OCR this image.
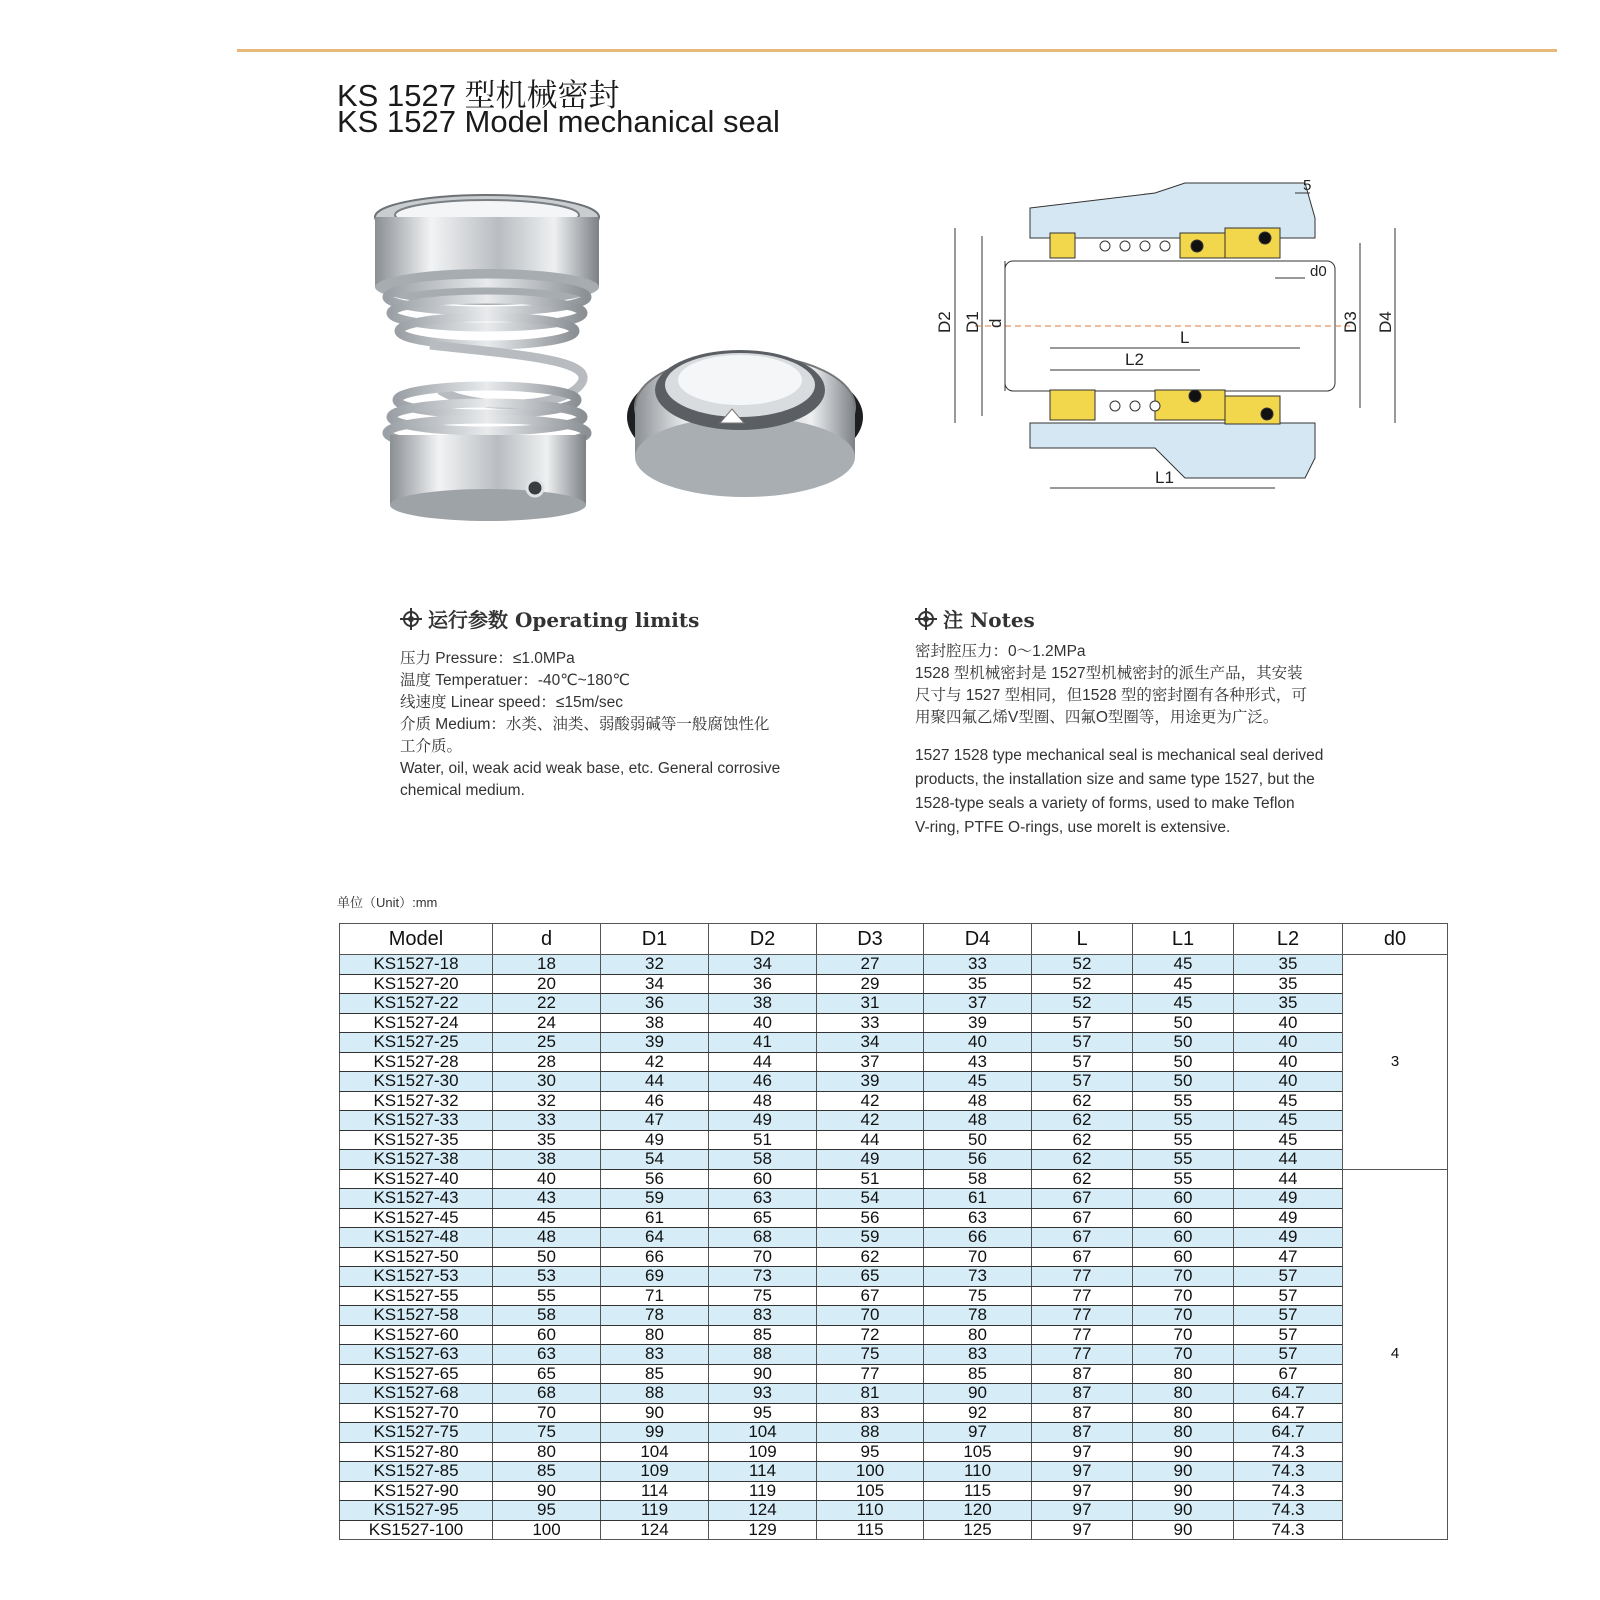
KS 1527 型机械密封
KS 1527 Model mechanical seal
D2 D1 d	D3 D4
L
L2
L1
d0
5
运行参数 Operating limits

压力 Pressure：≤1.0MPa

温度 Temperatuer：-40℃~180℃

线速度 Linear speed：≤15m/sec

介质 Medium：水类、油类、弱酸弱碱等一般腐蚀性化

工介质。

Water, oil, weak acid weak base, etc. General corrosive

chemical medium.

注 Notes

密封腔压力：0～1.2MPa

1528 型机械密封是 1527型机械密封的派生产品，其安装

尺寸与 1527 型相同，但1528 型的密封圈有各种形式，可

用聚四氟乙烯V型圈、四氟O型圈等，用途更为广泛。

1527 1528 type mechanical seal is mechanical seal derived

products, the installation size and same type 1527, but the

1528-type seals a variety of forms, used to make Teflon

V-ring, PTFE O-rings, use moreIt is extensive.

单位（Unit）:mm
Model	d	D1	D2	D3	D4	L	L1	L2	d0
KS1527-18	18	32	34	27	33	52	45	35	3
KS1527-20	20	34	36	29	35	52	45	35	
KS1527-22	22	36	38	31	37	52	45	35	
KS1527-24	24	38	40	33	39	57	50	40	
KS1527-25	25	39	41	34	40	57	50	40	
KS1527-28	28	42	44	37	43	57	50	40	
KS1527-30	30	44	46	39	45	57	50	40	
KS1527-32	32	46	48	42	48	62	55	45	
KS1527-33	33	47	49	42	48	62	55	45	
KS1527-35	35	49	51	44	50	62	55	45	
KS1527-38	38	54	58	49	56	62	55	44	
KS1527-40	40	56	60	51	58	62	55	44	4
KS1527-43	43	59	63	54	61	67	60	49	
KS1527-45	45	61	65	56	63	67	60	49	
KS1527-48	48	64	68	59	66	67	60	49	
KS1527-50	50	66	70	62	70	67	60	47	
KS1527-53	53	69	73	65	73	77	70	57	
KS1527-55	55	71	75	67	75	77	70	57	
KS1527-58	58	78	83	70	78	77	70	57	
KS1527-60	60	80	85	72	80	77	70	57	
KS1527-63	63	83	88	75	83	77	70	57	
KS1527-65	65	85	90	77	85	87	80	67	
KS1527-68	68	88	93	81	90	87	80	64.7	
KS1527-70	70	90	95	83	92	87	80	64.7	
KS1527-75	75	99	104	88	97	87	80	64.7	
KS1527-80	80	104	109	95	105	97	90	74.3	
KS1527-85	85	109	114	100	110	97	90	74.3	
KS1527-90	90	114	119	105	115	97	90	74.3	
KS1527-95	95	119	124	110	120	97	90	74.3	
KS1527-100	100	124	129	115	125	97	90	74.3	
